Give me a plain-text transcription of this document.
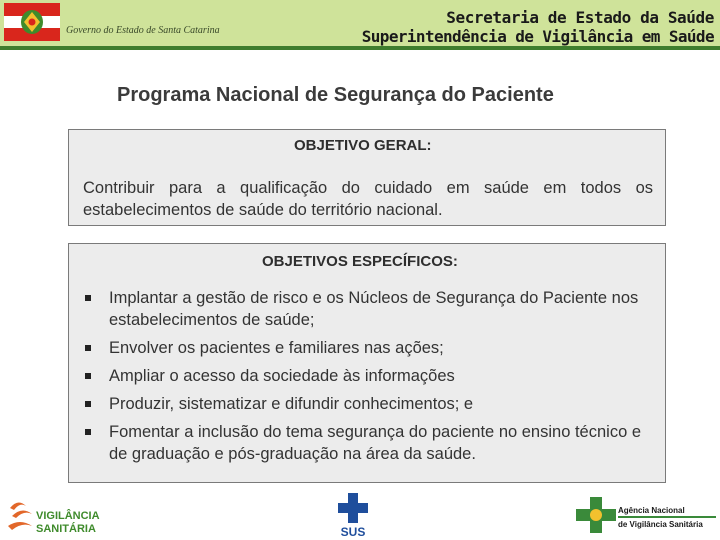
Governo do Estado de Santa Catarina
Secretaria de Estado da Saúde
Superintendência de Vigilância em Saúde
Programa Nacional de Segurança do Paciente
OBJETIVO GERAL:
Contribuir para a qualificação do cuidado em saúde em todos os estabelecimentos de saúde do território nacional.
OBJETIVOS ESPECÍFICOS:
Implantar a gestão de risco e os Núcleos de Segurança do Paciente nos estabelecimentos de saúde;
Envolver os pacientes e familiares nas ações;
Ampliar o acesso da sociedade às informações
Produzir, sistematizar e difundir conhecimentos; e
Fomentar a inclusão do tema segurança do paciente no ensino técnico e de graduação e pós-graduação na área da saúde.
VIGILÂNCIA
SANITÁRIA	SUS
Agência Nacional
de Vigilância Sanitária
